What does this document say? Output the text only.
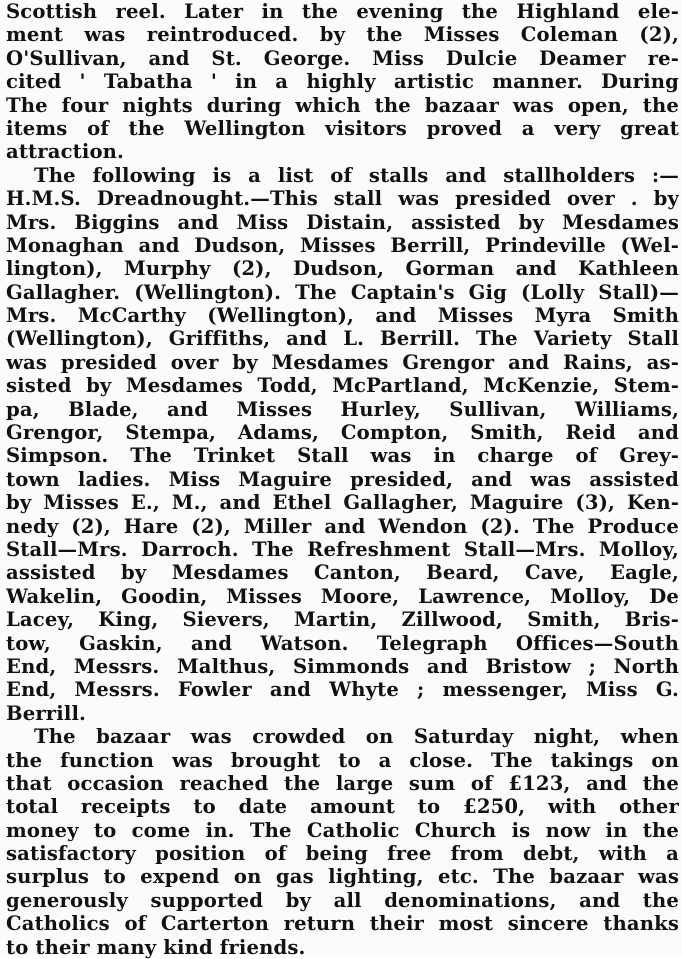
Scottish reel. Later in the evening the Highland ele-
ment was reintroduced. by the Misses Coleman (2),
O'Sullivan, and St. George. Miss Dulcie Deamer re-
cited ' Tabatha ' in a highly artistic manner. During
The four nights during which the bazaar was open, the
items of the Wellington visitors proved a very great
attraction.
The following is a list of stalls and stallholders :—
H.M.S. Dreadnought.—This stall was presided over . by
Mrs. Biggins and Miss Distain, assisted by Mesdames
Monaghan and Dudson, Misses Berrill, Prindeville (Wel-
lington), Murphy (2), Dudson, Gorman and Kathleen
Gallagher. (Wellington). The Captain's Gig (Lolly Stall)—
Mrs. McCarthy (Wellington), and Misses Myra Smith
(Wellington), Griffiths, and L. Berrill. The Variety Stall
was presided over by Mesdames Grengor and Rains, as-
sisted by Mesdames Todd, McPartland, McKenzie, Stem-
pa, Blade, and Misses Hurley, Sullivan, Williams,
Grengor, Stempa, Adams, Compton, Smith, Reid and
Simpson. The Trinket Stall was in charge of Grey-
town ladies. Miss Maguire presided, and was assisted
by Misses E., M., and Ethel Gallagher, Maguire (3), Ken-
nedy (2), Hare (2), Miller and Wendon (2). The Produce
Stall—Mrs. Darroch. The Refreshment Stall—Mrs. Molloy,
assisted by Mesdames Canton, Beard, Cave, Eagle,
Wakelin, Goodin, Misses Moore, Lawrence, Molloy, De
Lacey, King, Sievers, Martin, Zillwood, Smith, Bris-
tow, Gaskin, and Watson. Telegraph Offices—South
End, Messrs. Malthus, Simmonds and Bristow ; North
End, Messrs. Fowler and Whyte ; messenger, Miss G.
Berrill.
The bazaar was crowded on Saturday night, when
the function was brought to a close. The takings on
that occasion reached the large sum of £123, and the
total receipts to date amount to £250, with other
money to come in. The Catholic Church is now in the
satisfactory position of being free from debt, with a
surplus to expend on gas lighting, etc. The bazaar was
generously supported by all denominations, and the
Catholics of Carterton return their most sincere thanks
to their many kind friends.
